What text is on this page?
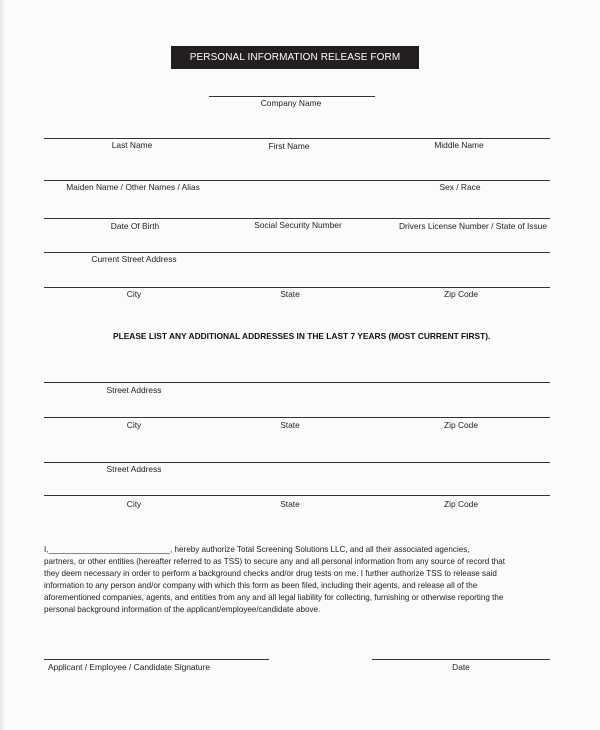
PERSONAL INFORMATION RELEASE FORM
Company Name
Last Name	First Name	Middle Name
Maiden Name / Other Names / Alias	Sex / Race
Date Of Birth	Social Security Number	Drivers License Number / State of Issue
Current Street Address
City	State	Zip Code
PLEASE LIST ANY ADDITIONAL ADDRESSES IN THE LAST 7 YEARS (MOST CURRENT FIRST).
Street Address
City	State	Zip Code
Street Address
City	State	Zip Code
I,___________________________, hereby authorize Total Screening Solutions LLC, and all their associated agencies,
partners, or other entities (hereafter referred to as TSS) to secure any and all personal information from any source of record that
they deem necessary in order to perform a background checks and/or drug tests on me. I further authorize TSS to release said
information to any person and/or company with which this form as been filed, including their agents, and release all of the
aforementioned companies, agents, and entities from any and all legal liability for collecting, furnishing or otherwise reporting the
personal background information of the applicant/employee/candidate above.
Applicant / Employee / Candidate Signature	Date
